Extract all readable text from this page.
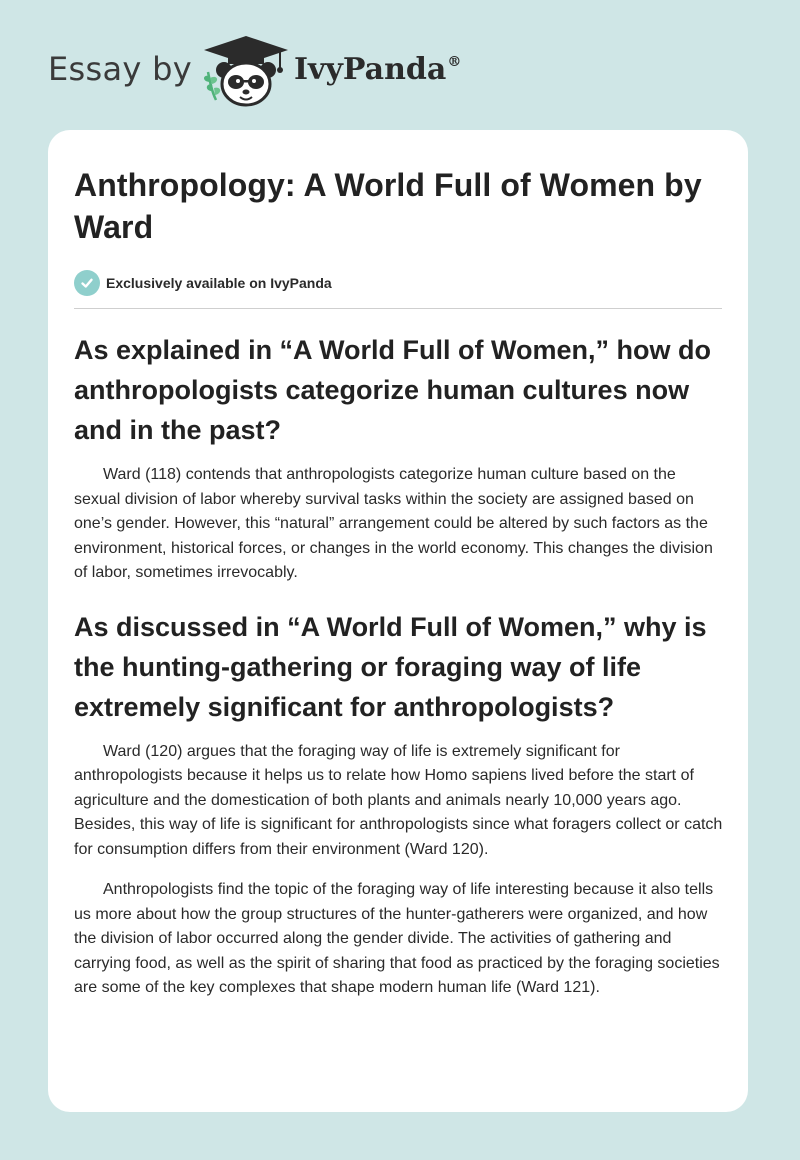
Essay by	IvyPanda®
Anthropology: A World Full of Women by Ward
Exclusively available on IvyPanda
As explained in “A World Full of Women,” how do anthropologists categorize human cultures now and in the past?

Ward (118) contends that anthropologists categorize human culture based on the sexual division of labor whereby survival tasks within the society are assigned based on one’s gender. However, this “natural” arrangement could be altered by such factors as the environment, historical forces, or changes in the world economy. This changes the division of labor, sometimes irrevocably.

As discussed in “A World Full of Women,” why is the hunting-gathering or foraging way of life extremely significant for anthropologists?

Ward (120) argues that the foraging way of life is extremely significant for anthropologists because it helps us to relate how Homo sapiens lived before the start of agriculture and the domestication of both plants and animals nearly 10,000 years ago. Besides, this way of life is significant for anthropologists since what foragers collect or catch for consumption differs from their environment (Ward 120).

Anthropologists find the topic of the foraging way of life interesting because it also tells us more about how the group structures of the hunter-gatherers were organized, and how the division of labor occurred along the gender divide. The activities of gathering and carrying food, as well as the spirit of sharing that food as practiced by the foraging societies are some of the key complexes that shape modern human life (Ward 121).
